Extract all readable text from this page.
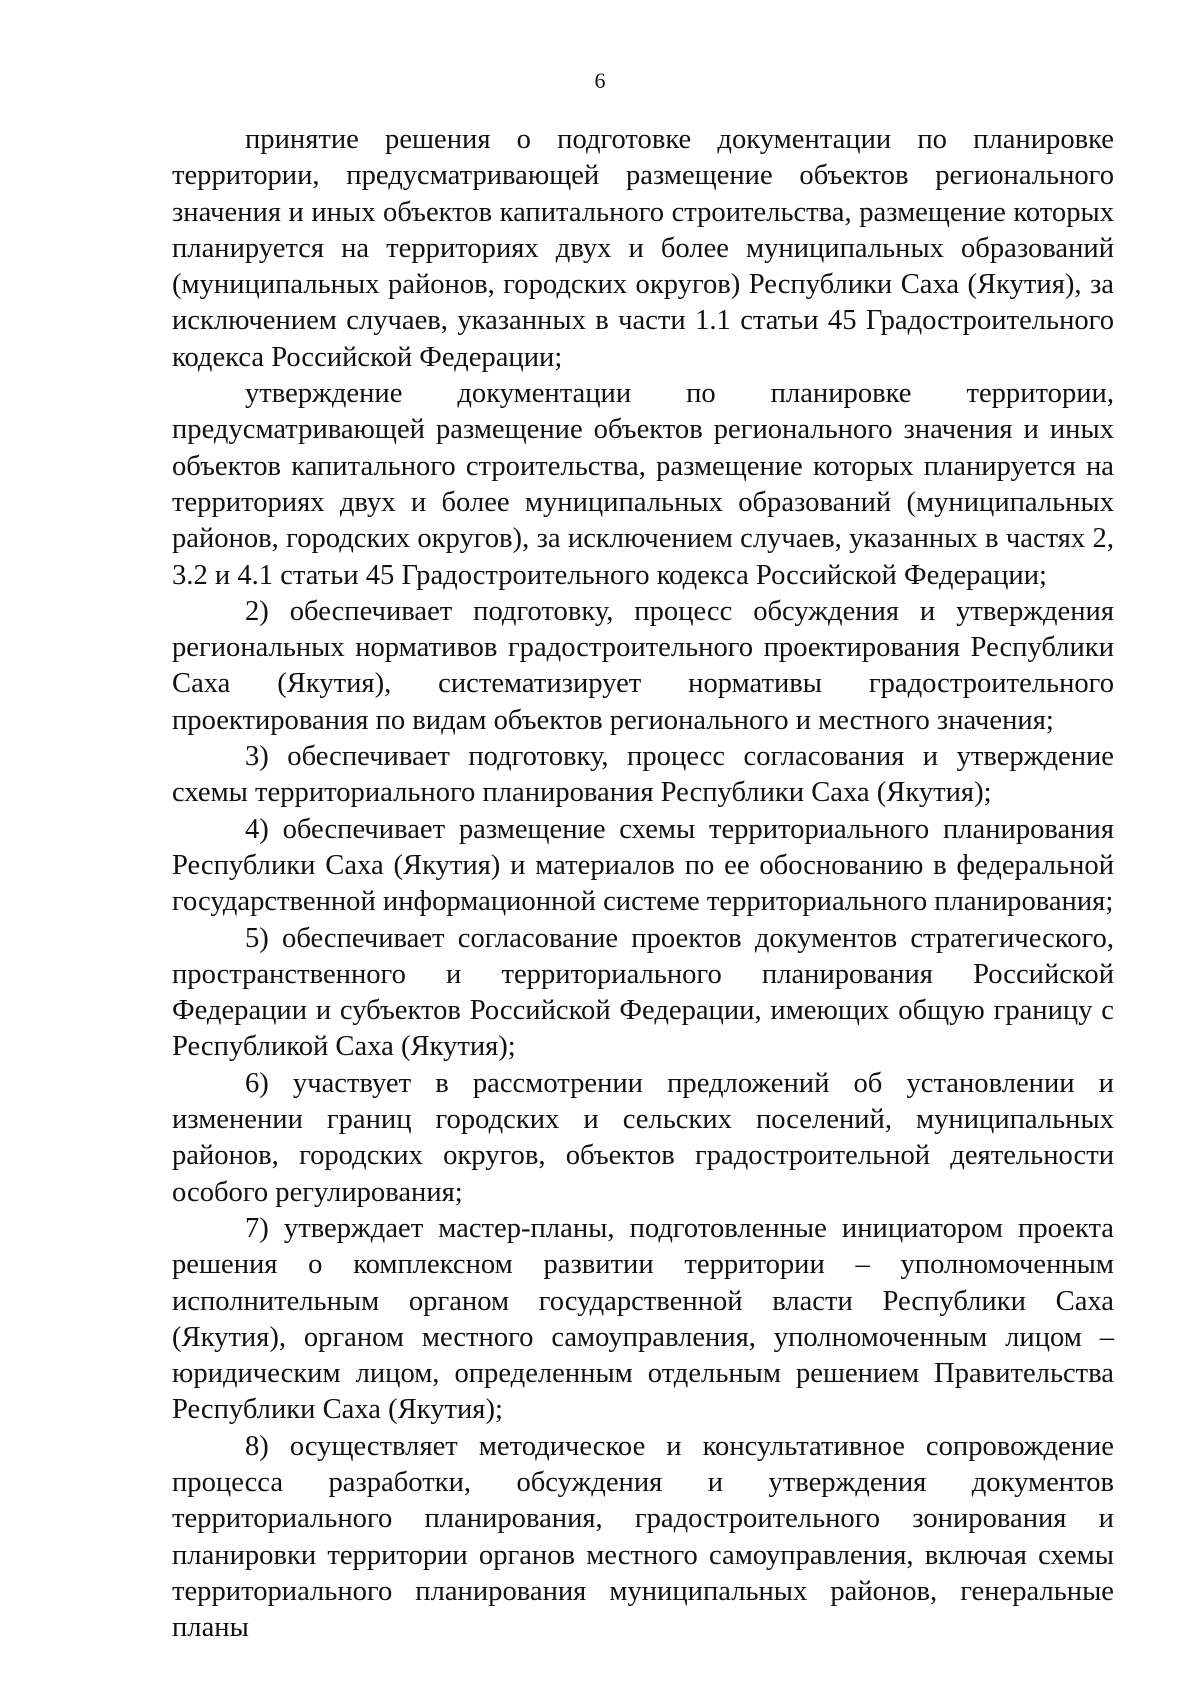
6

принятие решения о подготовке документации по планировке территории, предусматривающей размещение объектов регионального значения и иных объектов капитального строительства, размещение которых планируется на территориях двух и более муниципальных образований (муниципальных районов, городских округов) Республики Саха (Якутия), за исключением случаев, указанных в части 1.1 статьи 45 Градостроительного кодекса Российской Федерации;

утверждение документации по планировке территории, предусматривающей размещение объектов регионального значения и иных объектов капитального строительства, размещение которых планируется на территориях двух и более муниципальных образований (муниципальных районов, городских округов), за исключением случаев, указанных в частях 2, 3.2 и 4.1 статьи 45 Градостроительного кодекса Российской Федерации;

2) обеспечивает подготовку, процесс обсуждения и утверждения региональных нормативов градостроительного проектирования Республики Саха (Якутия), систематизирует нормативы градостроительного проектирования по видам объектов регионального и местного значения;

3) обеспечивает подготовку, процесс согласования и утверждение схемы территориального планирования Республики Саха (Якутия);

4) обеспечивает размещение схемы территориального планирования Республики Саха (Якутия) и материалов по ее обоснованию в федеральной государственной информационной системе территориального планирования;

5) обеспечивает согласование проектов документов стратегического, пространственного и территориального планирования Российской Федерации и субъектов Российской Федерации, имеющих общую границу с Республикой Саха (Якутия);

6) участвует в рассмотрении предложений об установлении и изменении границ городских и сельских поселений, муниципальных районов, городских округов, объектов градостроительной деятельности особого регулирования;

7) утверждает мастер-планы, подготовленные инициатором проекта решения о комплексном развитии территории – уполномоченным исполнительным органом государственной власти Республики Саха (Якутия), органом местного самоуправления, уполномоченным лицом – юридическим лицом, определенным отдельным решением Правительства Республики Саха (Якутия);

8) осуществляет методическое и консультативное сопровождение процесса разработки, обсуждения и утверждения документов территориального планирования, градостроительного зонирования и планировки территории органов местного самоуправления, включая схемы территориального планирования муниципальных районов, генеральные планы
